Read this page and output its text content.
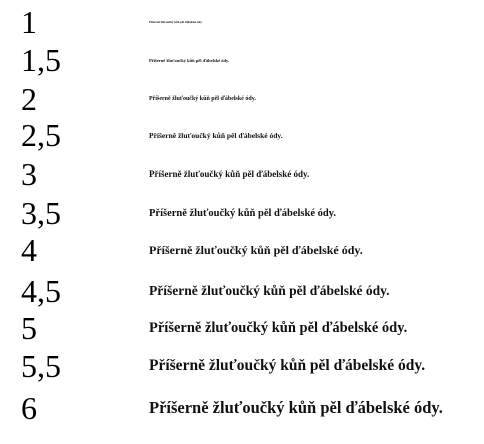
1	Příšerně žluťoučký kůň pěl ďábelské ódy.
1,5	Příšerně žluťoučký kůň pěl ďábelské ódy.
2	Příšerně žluťoučký kůň pěl ďábelské ódy.
2,5	Příšerně žluťoučký kůň pěl ďábelské ódy.
3	Příšerně žluťoučký kůň pěl ďábelské ódy.
3,5	Příšerně žluťoučký kůň pěl ďábelské ódy.
4	Příšerně žluťoučký kůň pěl ďábelské ódy.
4,5	Příšerně žluťoučký kůň pěl ďábelské ódy.
5	Příšerně žluťoučký kůň pěl ďábelské ódy.
5,5	Příšerně žluťoučký kůň pěl ďábelské ódy.
6	Příšerně žluťoučký kůň pěl ďábelské ódy.
